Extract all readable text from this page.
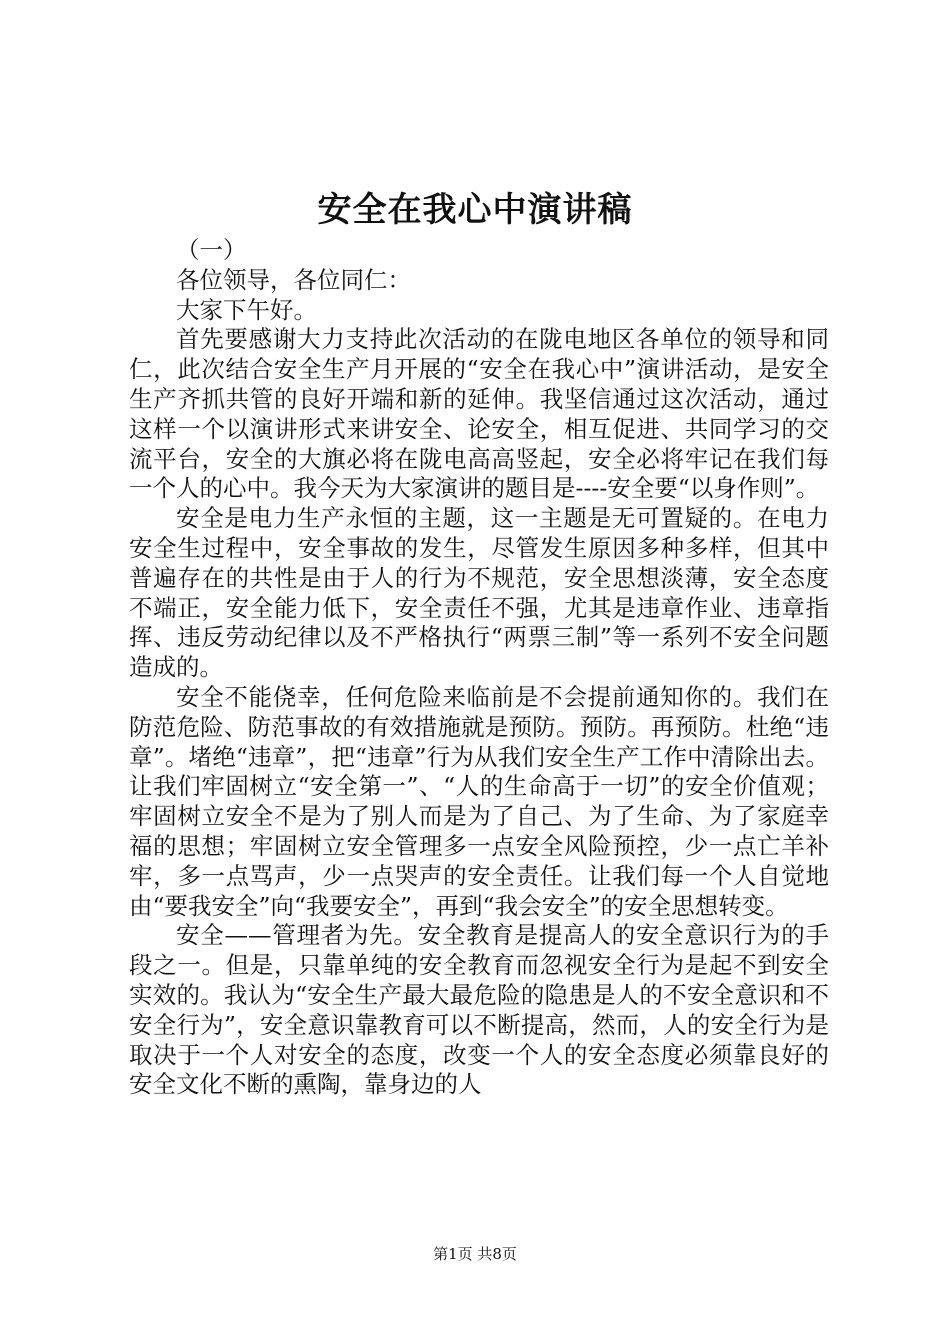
安全在我心中演讲稿

（一）

各位领导，各位同仁：

大家下午好。

首先要感谢大力支持此次活动的在陇电地区各单位的领导和同仁，此次结合安全生产月开展的“安全在我心中”演讲活动，是安全生产齐抓共管的良好开端和新的延伸。我坚信通过这次活动，通过这样一个以演讲形式来讲安全、论安全，相互促进、共同学习的交流平台，安全的大旗必将在陇电高高竖起，安全必将牢记在我们每一个人的心中。我今天为大家演讲的题目是----安全要“以身作则”。

安全是电力生产永恒的主题，这一主题是无可置疑的。在电力安全生过程中，安全事故的发生，尽管发生原因多种多样，但其中普遍存在的共性是由于人的行为不规范，安全思想淡薄，安全态度不端正，安全能力低下，安全责任不强，尤其是违章作业、违章指挥、违反劳动纪律以及不严格执行“两票三制”等一系列不安全问题造成的。

安全不能侥幸，任何危险来临前是不会提前通知你的。我们在防范危险、防范事故的有效措施就是预防。预防。再预防。杜绝“违章”。堵绝“违章”，把“违章”行为从我们安全生产工作中清除出去。让我们牢固树立“安全第一”、“人的生命高于一切”的安全价值观；牢固树立安全不是为了别人而是为了自己、为了生命、为了家庭幸福的思想；牢固树立安全管理多一点安全风险预控，少一点亡羊补牢，多一点骂声，少一点哭声的安全责任。让我们每一个人自觉地由“要我安全”向“我要安全”，再到“我会安全”的安全思想转变。

安全——管理者为先。安全教育是提高人的安全意识行为的手段之一。但是，只靠单纯的安全教育而忽视安全行为是起不到安全实效的。我认为“安全生产最大最危险的隐患是人的不安全意识和不安全行为”，安全意识靠教育可以不断提高，然而，人的安全行为是取决于一个人对安全的态度，改变一个人的安全态度必须靠良好的安全文化不断的熏陶，靠身边的人

第1页 共8页
